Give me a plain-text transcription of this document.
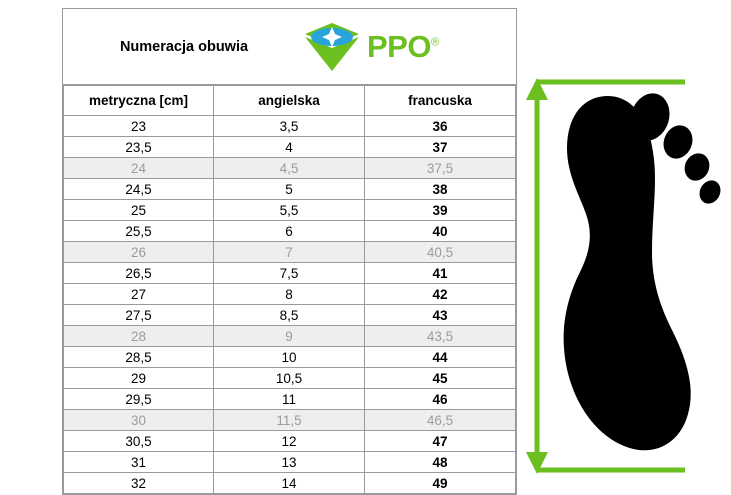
Numeracja obuwia	PPO®
metryczna [cm]	angielska	francuska
23	3,5	36
23,5	4	37
24	4,5	37,5
24,5	5	38
25	5,5	39
25,5	6	40
26	7	40,5
26,5	7,5	41
27	8	42
27,5	8,5	43
28	9	43,5
28,5	10	44
29	10,5	45
29,5	11	46
30	11,5	46,5
30,5	12	47
31	13	48
32	14	49
